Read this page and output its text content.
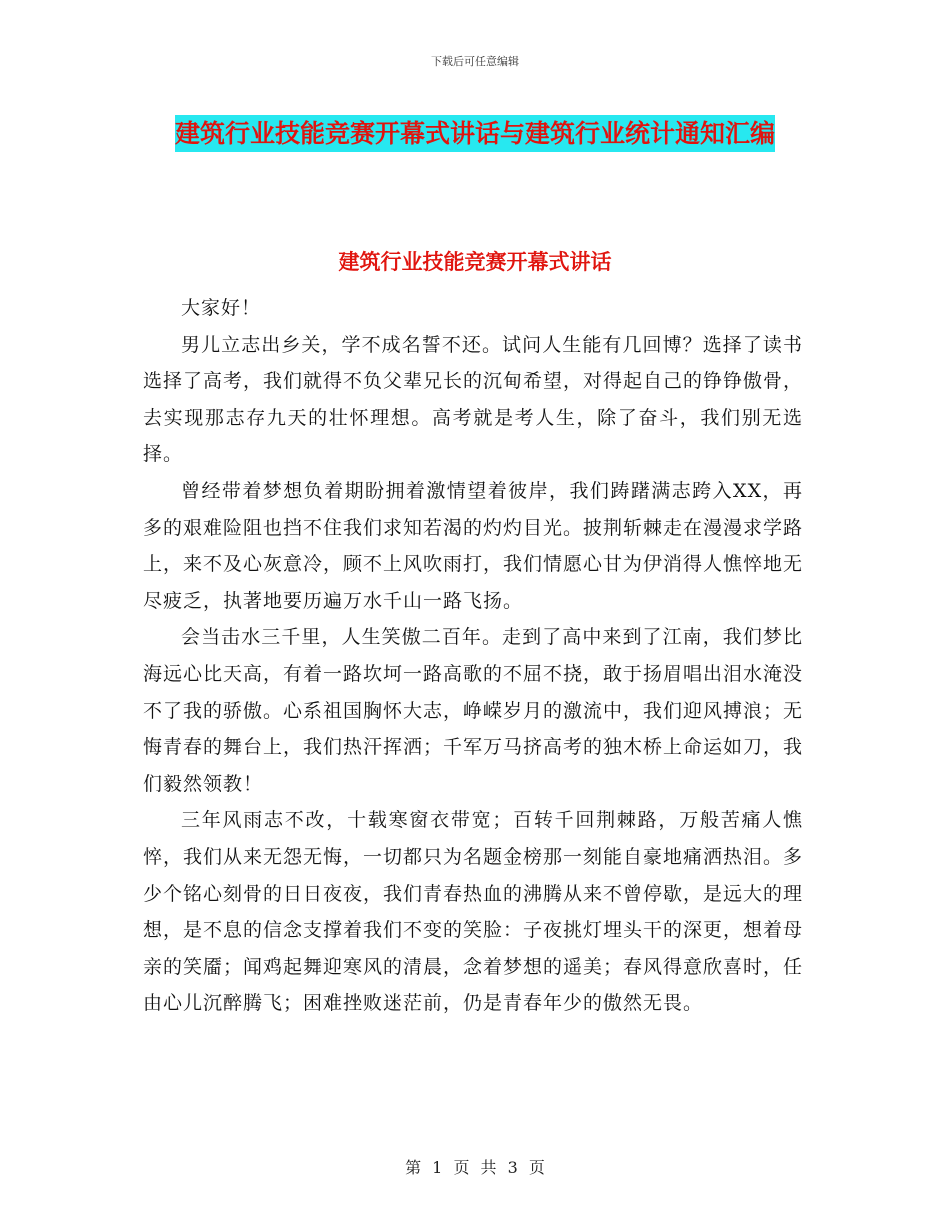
下载后可任意编辑
建筑行业技能竞赛开幕式讲话与建筑行业统计通知汇编
建筑行业技能竞赛开幕式讲话

大家好！

男儿立志出乡关，学不成名誓不还。试问人生能有几回博？选择了读书选择了高考，我们就得不负父辈兄长的沉甸希望，对得起自己的铮铮傲骨，去实现那志存九天的壮怀理想。高考就是考人生，除了奋斗，我们别无选择。

曾经带着梦想负着期盼拥着激情望着彼岸，我们踌躇满志跨入XX，再多的艰难险阻也挡不住我们求知若渴的灼灼目光。披荆斩棘走在漫漫求学路上，来不及心灰意冷，顾不上风吹雨打，我们情愿心甘为伊消得人憔悴地无尽疲乏，执著地要历遍万水千山一路飞扬。

会当击水三千里，人生笑傲二百年。走到了高中来到了江南，我们梦比海远心比天高，有着一路坎坷一路高歌的不屈不挠，敢于扬眉唱出泪水淹没不了我的骄傲。心系祖国胸怀大志，峥嵘岁月的激流中，我们迎风搏浪；无悔青春的舞台上，我们热汗挥洒；千军万马挤高考的独木桥上命运如刀，我们毅然领教！

三年风雨志不改，十载寒窗衣带宽；百转千回荆棘路，万般苦痛人憔悴，我们从来无怨无悔，一切都只为名题金榜那一刻能自豪地痛洒热泪。多少个铭心刻骨的日日夜夜，我们青春热血的沸腾从来不曾停歇，是远大的理想，是不息的信念支撑着我们不变的笑脸：子夜挑灯埋头干的深更，想着母亲的笑靥；闻鸡起舞迎寒风的清晨，念着梦想的遥美；春风得意欣喜时，任由心儿沉醉腾飞；困难挫败迷茫前，仍是青春年少的傲然无畏。

第 1 页 共 3 页
